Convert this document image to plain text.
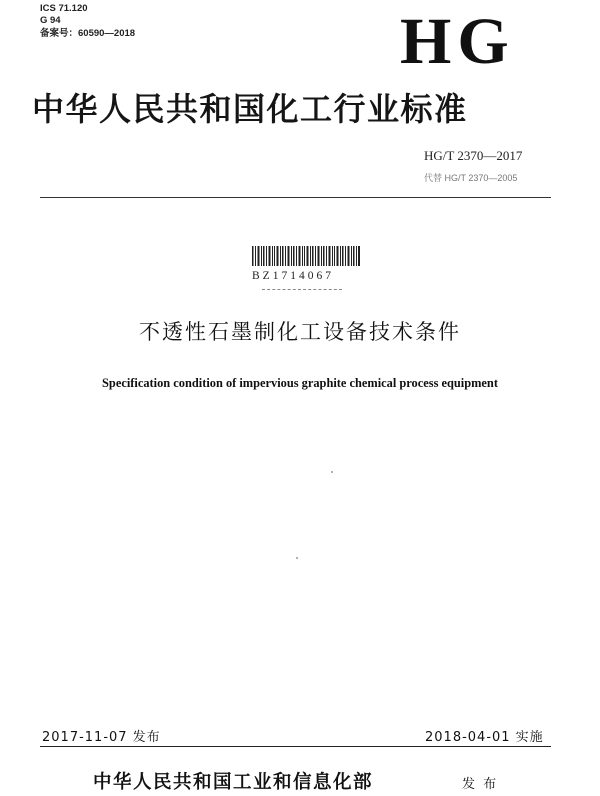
ICS 71.120
G 94
备案号：60590—2018	HG
中华人民共和国化工行业标准
HG/T 2370—2017
代替 HG/T 2370—2005
BZ1714067
不透性石墨制化工设备技术条件
Specification condition of impervious graphite chemical process equipment
2017-11-07 发布	2018-04-01 实施
中华人民共和国工业和信息化部	发 布
